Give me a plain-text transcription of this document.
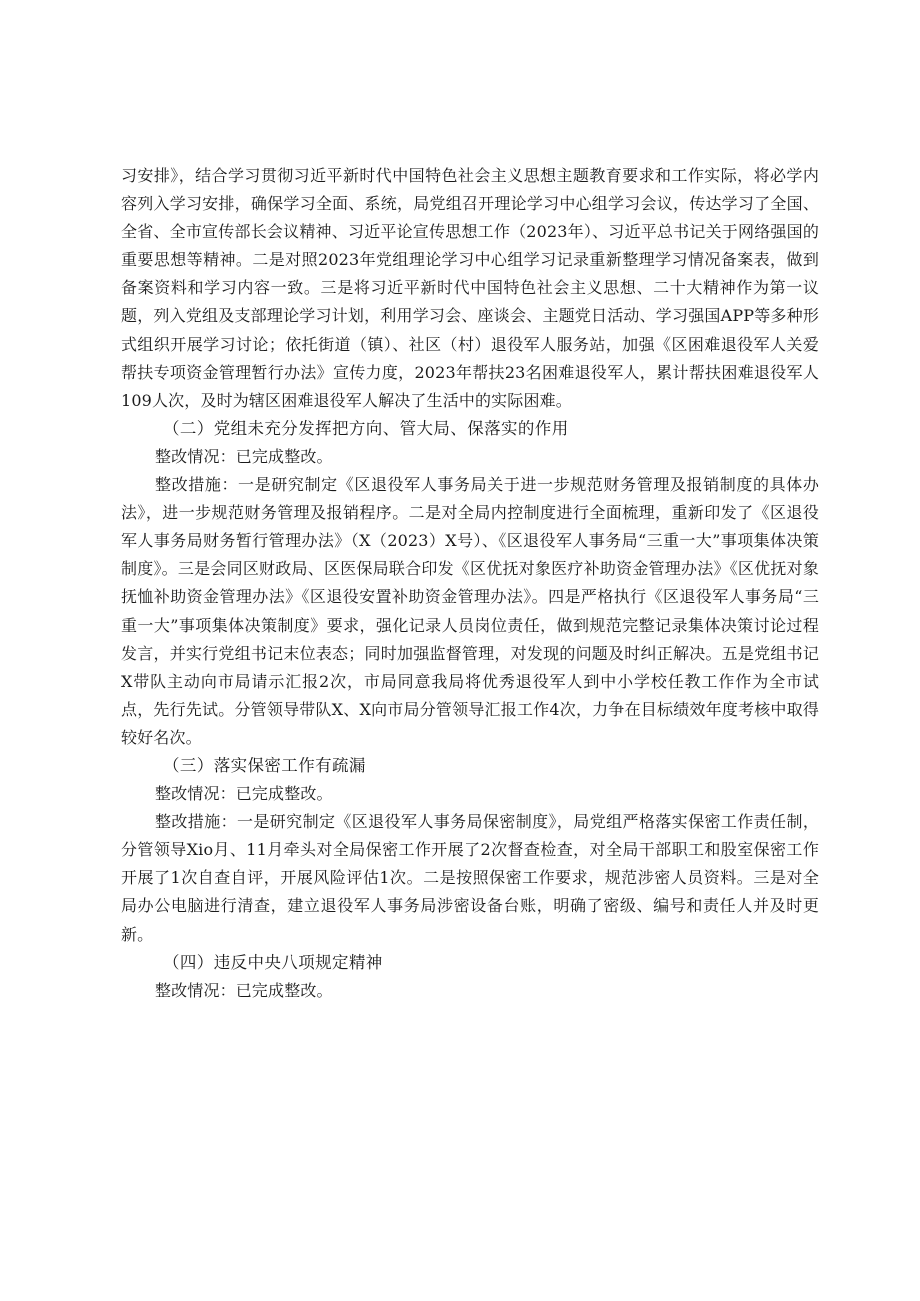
习安排》，结合学习贯彻习近平新时代中国特色社会主义思想主题教育要求和工作实际，将必学内容列入学习安排，确保学习全面、系统，局党组召开理论学习中心组学习会议，传达学习了全国、全省、全市宣传部长会议精神、习近平论宣传思想工作（2023年）、习近平总书记关于网络强国的重要思想等精神。二是对照2023年党组理论学习中心组学习记录重新整理学习情况备案表，做到备案资料和学习内容一致。三是将习近平新时代中国特色社会主义思想、二十大精神作为第一议题，列入党组及支部理论学习计划，利用学习会、座谈会、主题党日活动、学习强国APP等多种形式组织开展学习讨论；依托街道（镇）、社区（村）退役军人服务站，加强《区困难退役军人关爱帮扶专项资金管理暂行办法》宣传力度，2023年帮扶23名困难退役军人，累计帮扶困难退役军人109人次，及时为辖区困难退役军人解决了生活中的实际困难。

（二）党组未充分发挥把方向、管大局、保落实的作用

整改情况：已完成整改。

整改措施：一是研究制定《区退役军人事务局关于进一步规范财务管理及报销制度的具体办法》，进一步规范财务管理及报销程序。二是对全局内控制度进行全面梳理，重新印发了《区退役军人事务局财务暂行管理办法》（X（2023）X号）、《区退役军人事务局“三重一大”事项集体决策制度》。三是会同区财政局、区医保局联合印发《区优抚对象医疗补助资金管理办法》《区优抚对象抚恤补助资金管理办法》《区退役安置补助资金管理办法》。四是严格执行《区退役军人事务局“三重一大”事项集体决策制度》要求，强化记录人员岗位责任，做到规范完整记录集体决策讨论过程发言，并实行党组书记末位表态；同时加强监督管理，对发现的问题及时纠正解决。五是党组书记X带队主动向市局请示汇报2次，市局同意我局将优秀退役军人到中小学校任教工作作为全市试点，先行先试。分管领导带队X、X向市局分管领导汇报工作4次，力争在目标绩效年度考核中取得较好名次。

（三）落实保密工作有疏漏

整改情况：已完成整改。

整改措施：一是研究制定《区退役军人事务局保密制度》，局党组严格落实保密工作责任制，分管领导Xio月、11月牵头对全局保密工作开展了2次督查检查，对全局干部职工和股室保密工作开展了1次自查自评，开展风险评估1次。二是按照保密工作要求，规范涉密人员资料。三是对全局办公电脑进行清查，建立退役军人事务局涉密设备台账，明确了密级、编号和责任人并及时更新。

（四）违反中央八项规定精神

整改情况：已完成整改。
